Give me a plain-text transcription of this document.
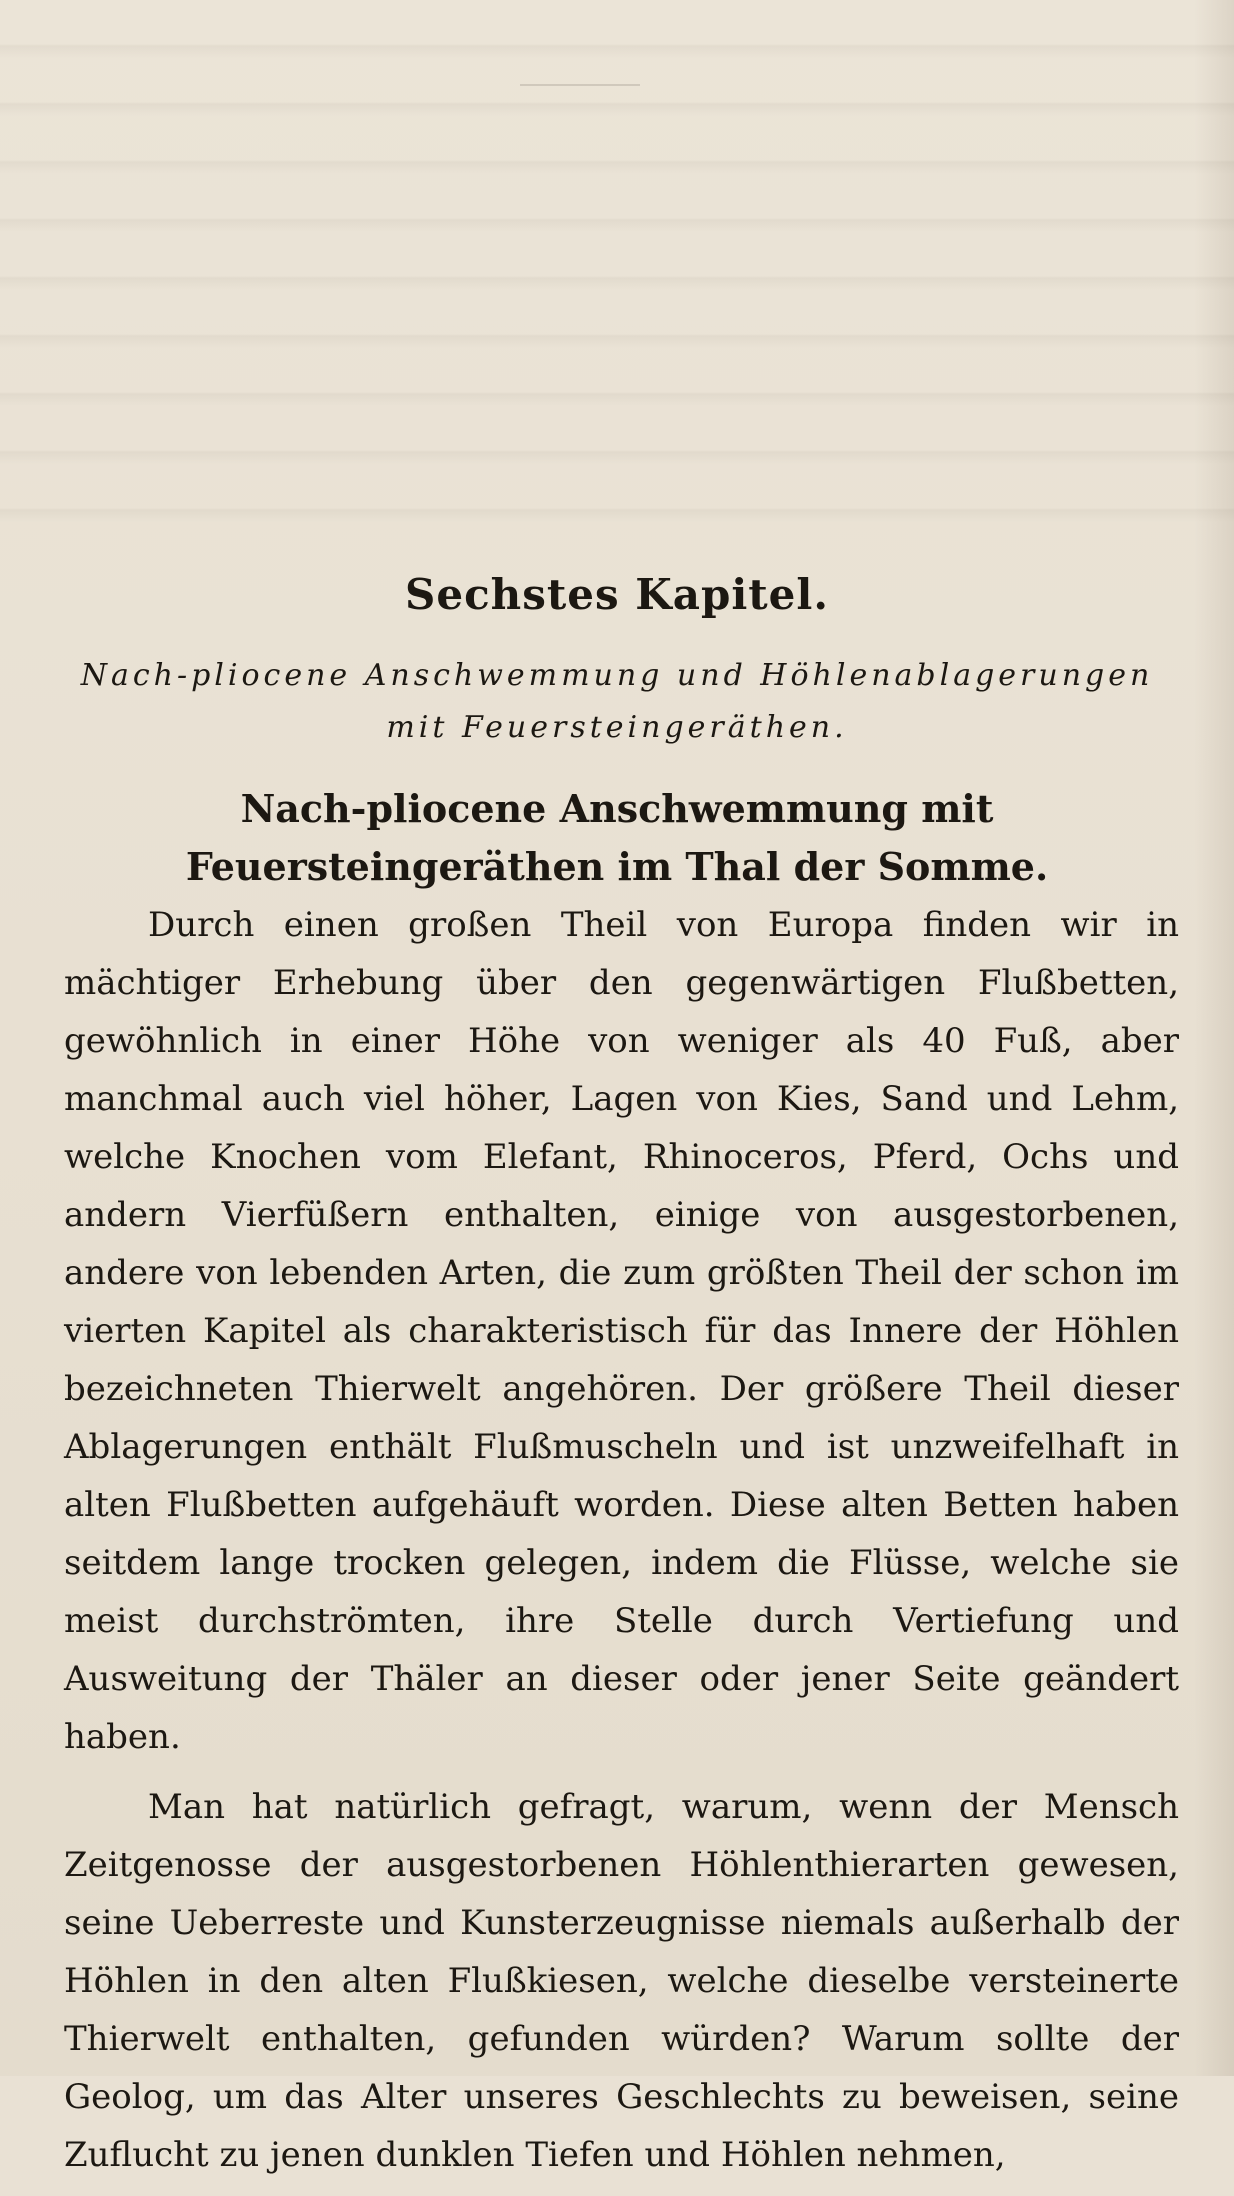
Sechstes Kapitel.
Nach-pliocene Anschwemmung und Höhlenablagerungen mit Feuersteingeräthen.
Nach-pliocene Anschwemmung mit Feuersteingeräthen im Thal der Somme.

Durch einen großen Theil von Europa finden wir in mächtiger Erhebung über den gegenwärtigen Flußbetten, gewöhnlich in einer Höhe von weniger als 40 Fuß, aber manchmal auch viel höher, Lagen von Kies, Sand und Lehm, welche Knochen vom Elefant, Rhinoceros, Pferd, Ochs und andern Vierfüßern enthalten, einige von ausgestorbenen, andere von lebenden Arten, die zum größten Theil der schon im vierten Kapitel als charakteristisch für das Innere der Höhlen bezeichneten Thierwelt angehören. Der größere Theil dieser Ablagerungen enthält Flußmuscheln und ist unzweifelhaft in alten Flußbetten aufgehäuft worden. Diese alten Betten haben seitdem lange trocken gelegen, indem die Flüsse, welche sie meist durchströmten, ihre Stelle durch Vertiefung und Ausweitung der Thäler an dieser oder jener Seite geändert haben.

Man hat natürlich gefragt, warum, wenn der Mensch Zeitgenosse der ausgestorbenen Höhlenthierarten gewesen, seine Ueberreste und Kunsterzeugnisse niemals außerhalb der Höhlen in den alten Flußkiesen, welche dieselbe versteinerte Thierwelt enthalten, gefunden würden? Warum sollte der Geolog, um das Alter unseres Geschlechts zu beweisen, seine Zuflucht zu jenen dunklen Tiefen und Höhlen nehmen,
